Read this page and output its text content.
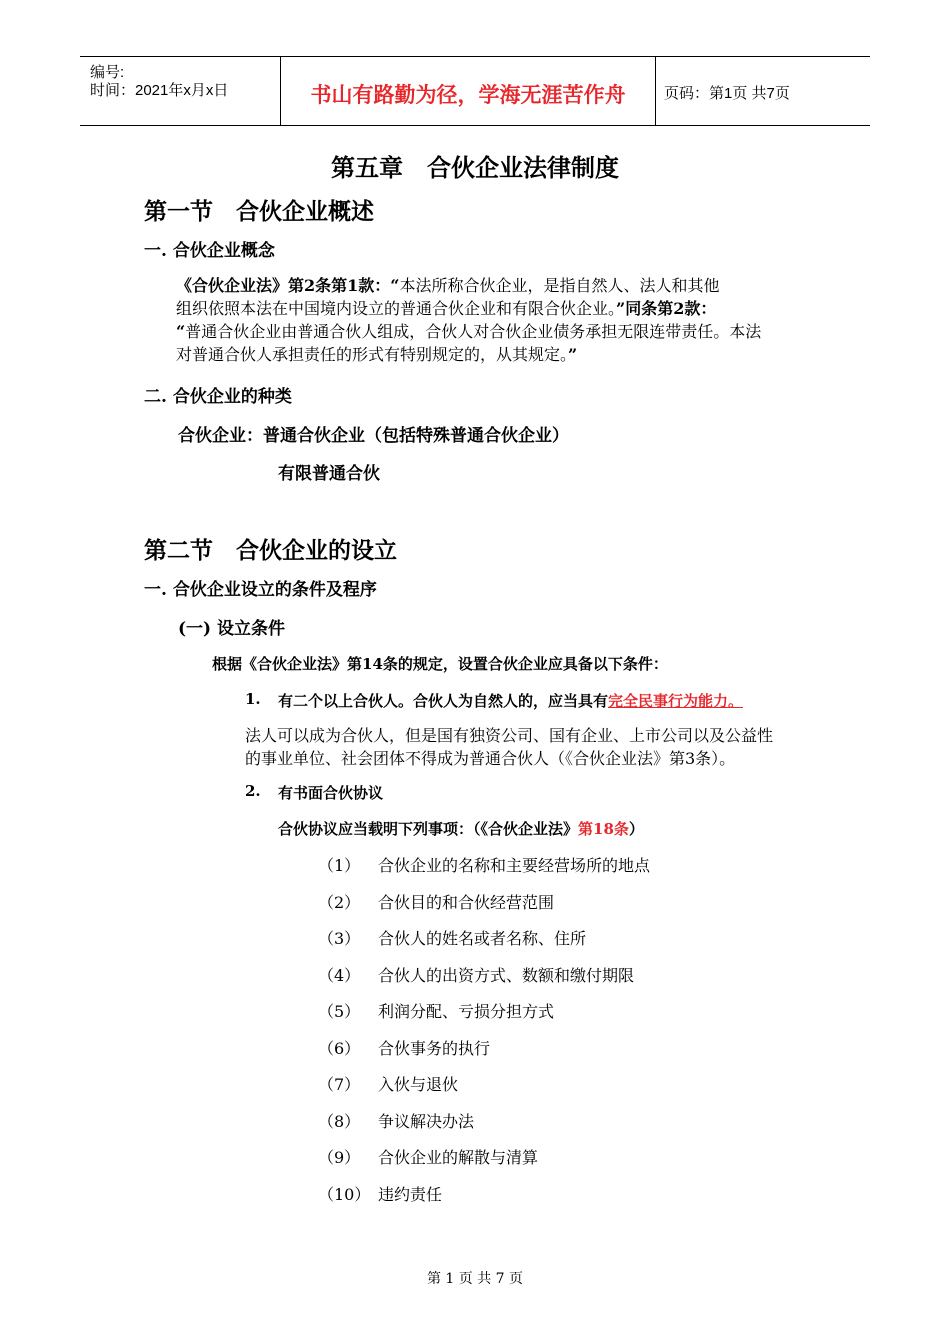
编号:
时间：2021年x月x日	书山有路勤为径，学海无涯苦作舟	页码：第1页 共7页
第五章　合伙企业法律制度
第一节　合伙企业概述
一. 合伙企业概念
《合伙企业法》第2条第1款：“本法所称合伙企业，是指自然人、法人和其他
组织依照本法在中国境内设立的普通合伙企业和有限合伙企业。”同条第2款：
“普通合伙企业由普通合伙人组成，合伙人对合伙企业债务承担无限连带责任。本法
对普通合伙人承担责任的形式有特别规定的，从其规定。”
二. 合伙企业的种类
合伙企业：普通合伙企业（包括特殊普通合伙企业）
有限普通合伙
第二节　合伙企业的设立
一. 合伙企业设立的条件及程序
(一) 设立条件
根据《合伙企业法》第14条的规定，设置合伙企业应具备以下条件：
1. 有二个以上合伙人。合伙人为自然人的，应当具有完全民事行为能力。
法人可以成为合伙人，但是国有独资公司、国有企业、上市公司以及公益性
的事业单位、社会团体不得成为普通合伙人（《合伙企业法》第3条）。
2. 有书面合伙协议
合伙协议应当载明下列事项：（《合伙企业法》第18条）
（1） 合伙企业的名称和主要经营场所的地点
（2） 合伙目的和合伙经营范围
（3） 合伙人的姓名或者名称、住所
（4） 合伙人的出资方式、数额和缴付期限
（5） 利润分配、亏损分担方式
（6） 合伙事务的执行
（7） 入伙与退伙
（8） 争议解决办法
（9） 合伙企业的解散与清算
（10） 违约责任
第 1 页 共 7 页
